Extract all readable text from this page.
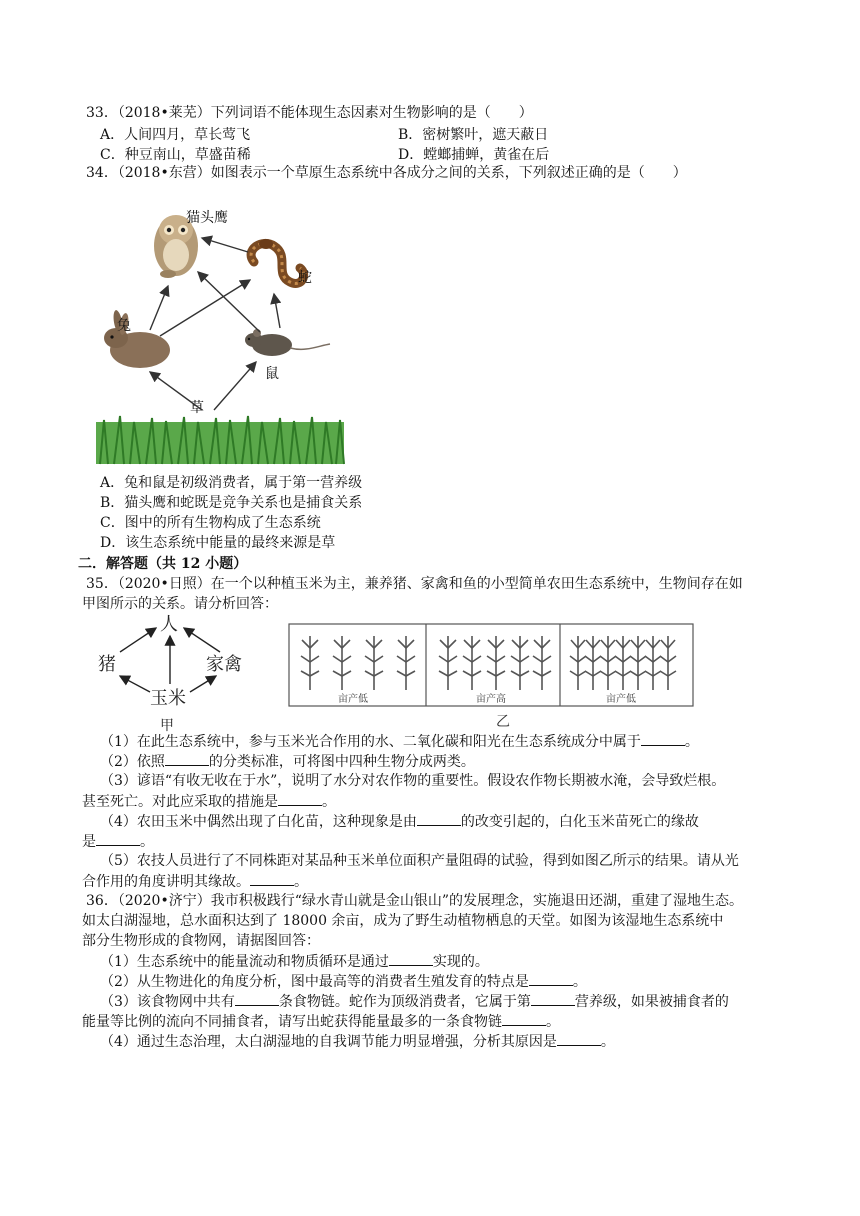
33．（2018•莱芜）下列词语不能体现生态因素对生物影响的是（　　）
A．人间四月，草长莺飞	B．密树繁叶，遮天蔽日
C．种豆南山，草盛苗稀	D．螳螂捕蝉，黄雀在后
34．（2018•东营）如图表示一个草原生态系统中各成分之间的关系，下列叙述正确的是（　　）
猫头鹰
蛇
兔
鼠
草
A．兔和鼠是初级消费者，属于第一营养级
B．猫头鹰和蛇既是竞争关系也是捕食关系
C．图中的所有生物构成了生态系统
D．该生态系统中能量的最终来源是草
二．解答题（共 12 小题）
35．（2020•日照）在一个以种植玉米为主，兼养猪、家禽和鱼的小型简单农田生态系统中，生物间存在如
甲图所示的关系。请分析回答：
人
猪	家禽
玉米
甲
亩产低	亩产高	亩产低
乙
（1）在此生态系统中，参与玉米光合作用的水、二氧化碳和阳光在生态系统成分中属于	。
（2）依照	的分类标准，可将图中四种生物分成两类。
（3）谚语“有收无收在于水”，说明了水分对农作物的重要性。假设农作物长期被水淹，会导致烂根。
甚至死亡。对此应采取的措施是	。
（4）农田玉米中偶然出现了白化苗，这种现象是由	的改变引起的，白化玉米苗死亡的缘故
是	。
（5）农技人员进行了不同株距对某品种玉米单位面积产量阻碍的试验，得到如图乙所示的结果。请从光
合作用的角度讲明其缘故。	。
36．（2020•济宁）我市积极践行“绿水青山就是金山银山”的发展理念，实施退田还湖，重建了湿地生态。
如太白湖湿地，总水面积达到了 18000 余亩，成为了野生动植物栖息的天堂。如图为该湿地生态系统中
部分生物形成的食物网，请据图回答：
（1）生态系统中的能量流动和物质循环是通过	实现的。
（2）从生物进化的角度分析，图中最高等的消费者生殖发育的特点是	。
（3）该食物网中共有	条食物链。蛇作为顶级消费者，它属于第	营养级，如果被捕食者的
能量等比例的流向不同捕食者，请写出蛇获得能量最多的一条食物链	。
（4）通过生态治理，太白湖湿地的自我调节能力明显增强，分析其原因是	。
